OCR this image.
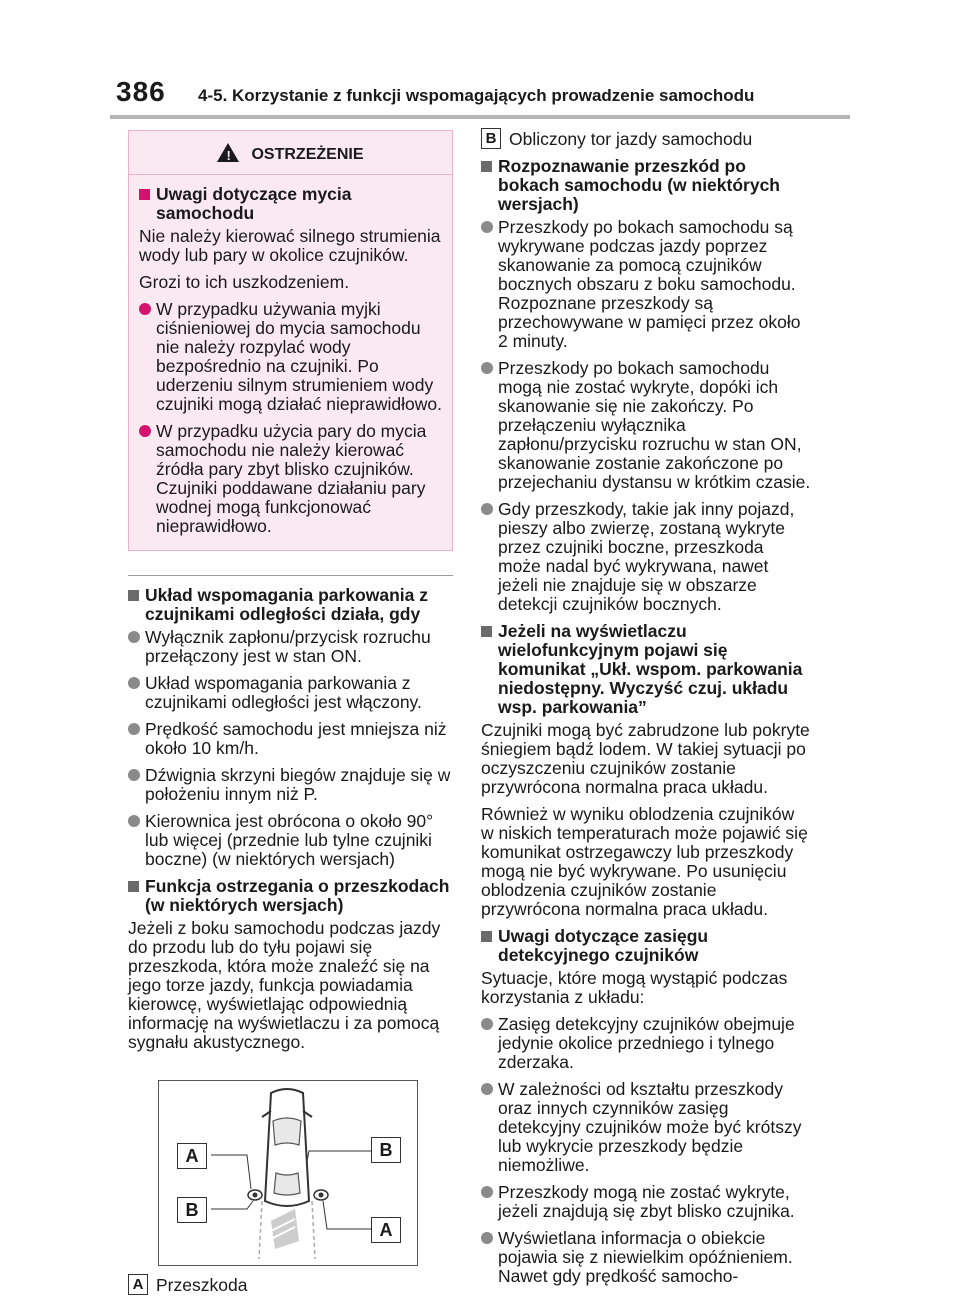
386 4-5. Korzystanie z funkcji wspomagających prowadzenie samochodu
!OSTRZEŻENIE
Uwagi dotyczące mycia samochodu

Nie należy kierować silnego strumienia wody lub pary w okolice czujników.

Grozi to ich uszkodzeniem.

W przypadku używania myjki ciśnieniowej do mycia samochodu nie należy rozpylać wody bezpośrednio na czujniki. Po uderzeniu silnym strumieniem wody czujniki mogą działać nieprawidłowo.
W przypadku użycia pary do mycia samochodu nie należy kierować źródła pary zbyt blisko czujników. Czujniki poddawane działaniu pary wodnej mogą funkcjonować nieprawidłowo.
Układ wspomagania parkowania z czujnikami odległości działa, gdy
Wyłącznik zapłonu/przycisk rozruchu przełączony jest w stan ON.
Układ wspomagania parkowania z czujnikami odległości jest włączony.
Prędkość samochodu jest mniejsza niż około 10 km/h.
Dźwignia skrzyni biegów znajduje się w położeniu innym niż P.
Kierownica jest obrócona o około 90° lub więcej (przednie lub tylne czujniki boczne) (w niektórych wersjach)
Funkcja ostrzegania o przeszkodach (w niektórych wersjach)

Jeżeli z boku samochodu podczas jazdy do przodu lub do tyłu pojawi się przeszkoda, która może znaleźć się na jego torze jazdy, funkcja powiadamia kierowcę, wyświetlając odpowiednią informację na wyświetlaczu i za pomocą sygnału akustycznego.

A	B
B
A
A Przeszkoda
B Obliczony tor jazdy samochodu
Rozpoznawanie przeszkód po bokach samochodu (w niektórych wersjach)
Przeszkody po bokach samochodu są wykrywane podczas jazdy poprzez skanowanie za pomocą czujników bocznych obszaru z boku samochodu. Rozpoznane przeszkody są przechowywane w pamięci przez około 2 minuty.
Przeszkody po bokach samochodu mogą nie zostać wykryte, dopóki ich skanowanie się nie zakończy. Po przełączeniu wyłącznika zapłonu/przycisku rozruchu w stan ON, skanowanie zostanie zakończone po przejechaniu dystansu w krótkim czasie.
Gdy przeszkody, takie jak inny pojazd, pieszy albo zwierzę, zostaną wykryte przez czujniki boczne, przeszkoda może nadal być wykrywana, nawet jeżeli nie znajduje się w obszarze detekcji czujników bocznych.
Jeżeli na wyświetlaczu wielofunkcyjnym pojawi się komunikat „Ukł. wspom. parkowania niedostępny. Wyczyść czuj. układu wsp. parkowania”

Czujniki mogą być zabrudzone lub pokryte śniegiem bądź lodem. W takiej sytuacji po oczyszczeniu czujników zostanie przywrócona normalna praca układu.

Również w wyniku oblodzenia czujników w niskich temperaturach może pojawić się komunikat ostrzegawczy lub przeszkody mogą nie być wykrywane. Po usunięciu oblodzenia czujników zostanie przywrócona normalna praca układu.

Uwagi dotyczące zasięgu detekcyjnego czujników

Sytuacje, które mogą wystąpić podczas korzystania z układu:

Zasięg detekcyjny czujników obejmuje jedynie okolice przedniego i tylnego zderzaka.
W zależności od kształtu przeszkody oraz innych czynników zasięg detekcyjny czujników może być krótszy lub wykrycie przeszkody będzie niemożliwe.
Przeszkody mogą nie zostać wykryte, jeżeli znajdują się zbyt blisko czujnika.
Wyświetlana informacja o obiekcie pojawia się z niewielkim opóźnieniem. Nawet gdy prędkość samocho-
